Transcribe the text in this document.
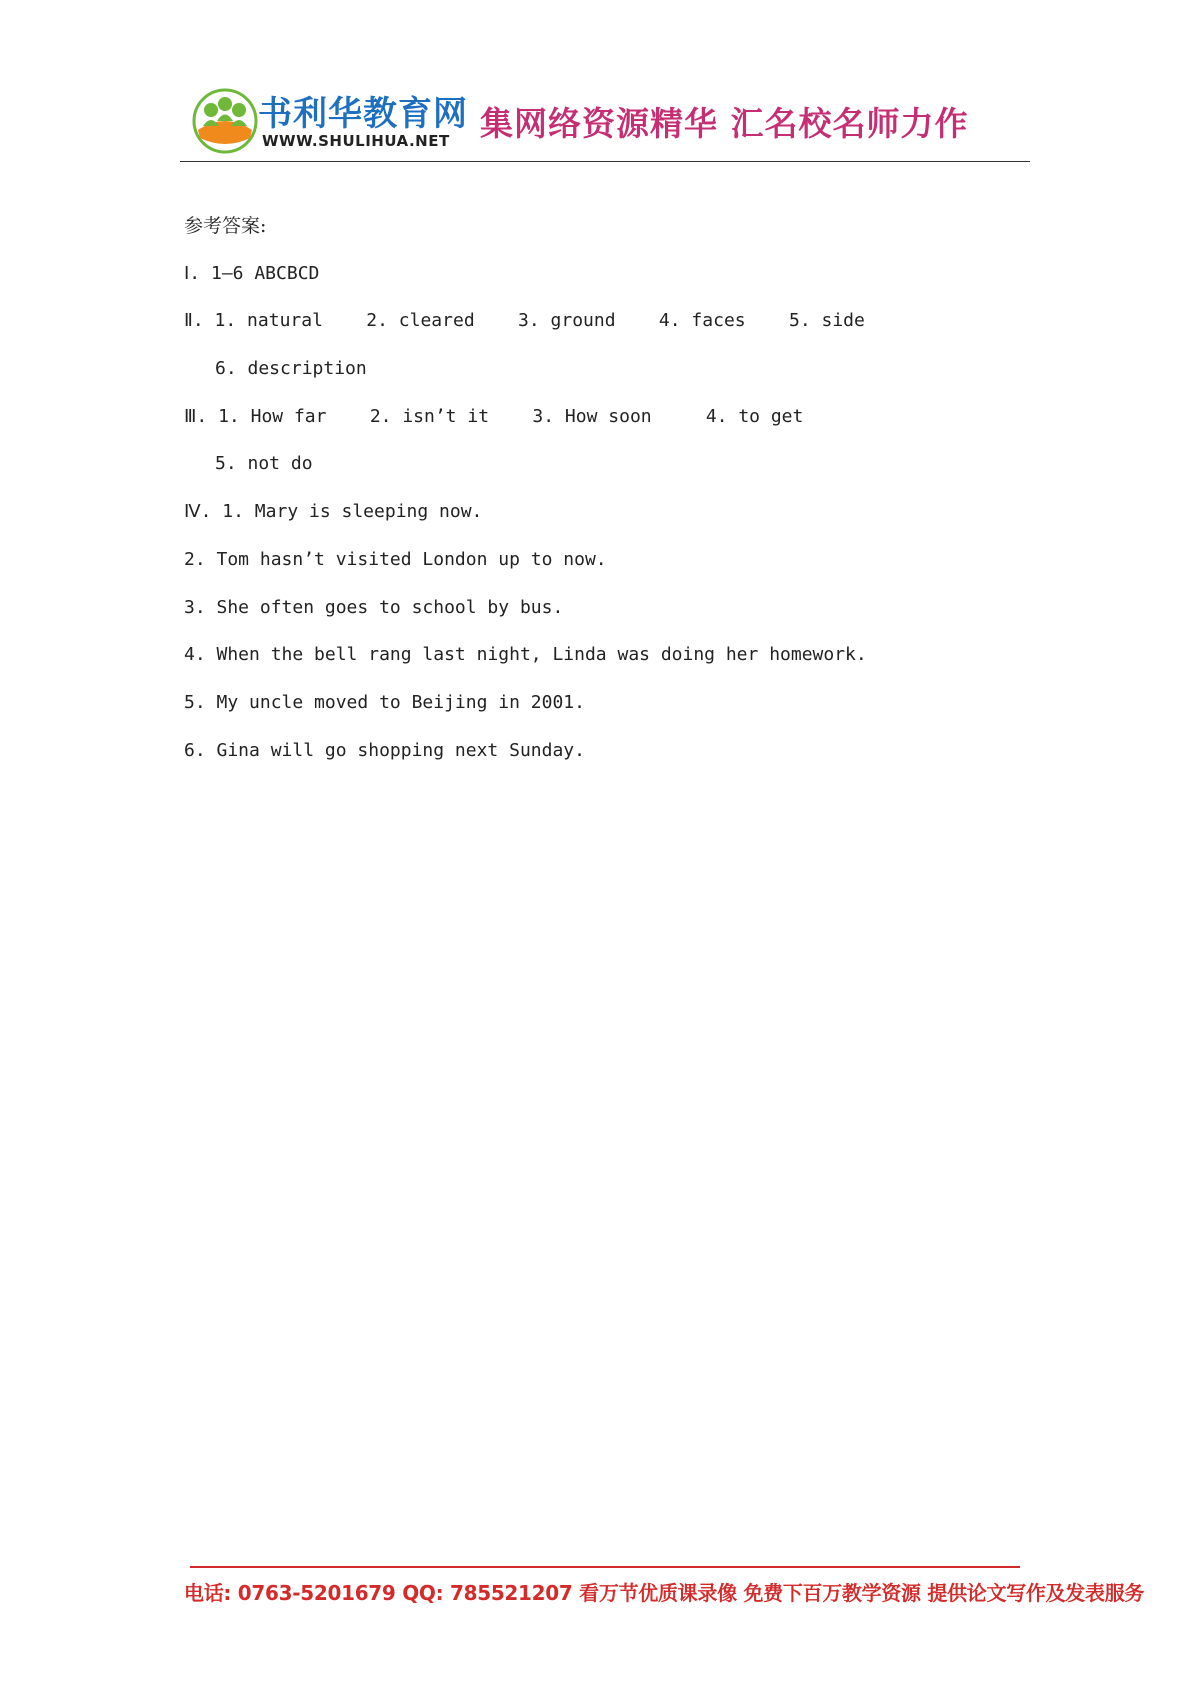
书利华教育网
WWW.SHULIHUA.NET 集网络资源精华 汇名校名师力作
参考答案:
Ⅰ. 1—6 ABCBCD
Ⅱ. 1. natural 2. cleared 3. ground 4. faces 5. side
6. description
Ⅲ. 1. How far 2. isn’t it 3. How soon	4. to get
5. not do
Ⅳ. 1. Mary is sleeping now.
2. Tom hasn’t visited London up to now.
3. She often goes to school by bus.
4. When the bell rang last night, Linda was doing her homework.
5. My uncle moved to Beijing in 2001.
6. Gina will go shopping next Sunday.
电话: 0763-5201679 QQ: 785521207 看万节优质课录像 免费下百万教学资源 提供论文写作及发表服务
